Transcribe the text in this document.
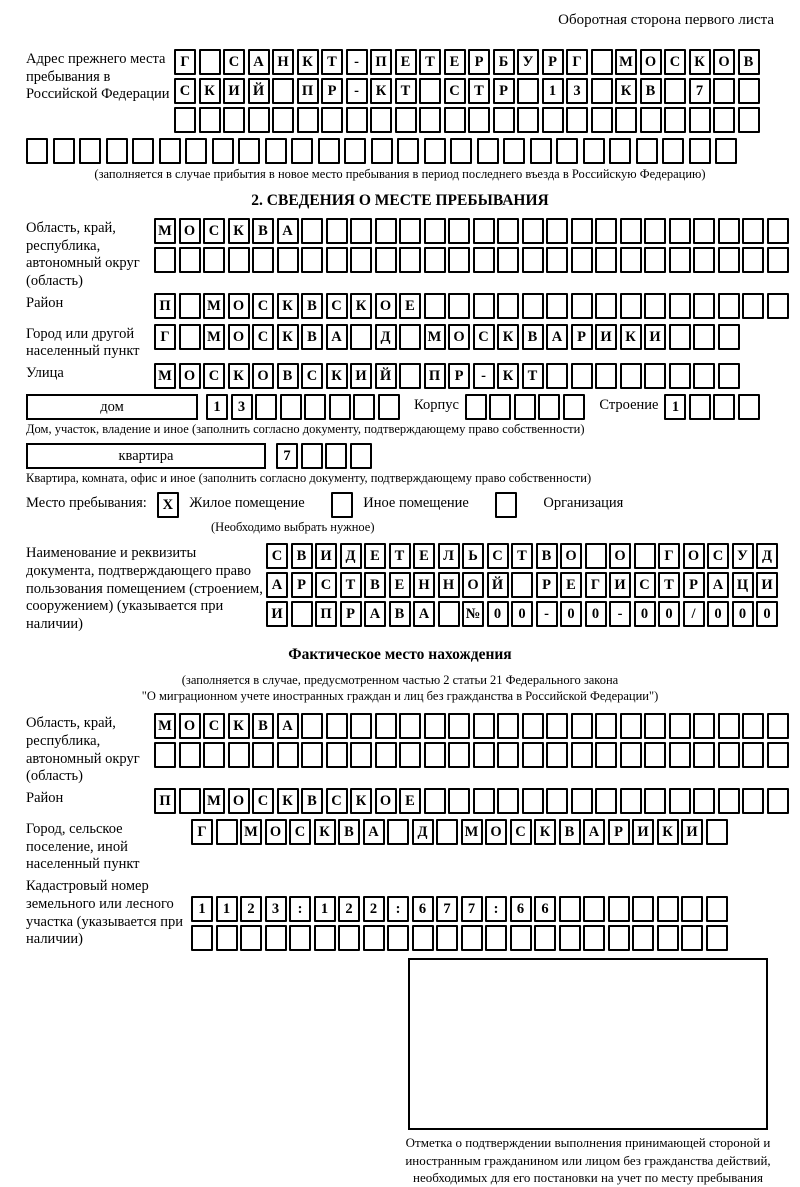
Оборотная сторона первого листа
Адрес прежнего места пребывания в Российской Федерации
Г	С А Н К Т	-	П Е	Т	Е	Р	Б У	Р	Г	М О С К О В
С К И Й	П Р	-	К Т	С Т	Р	1	3	К В	7
(заполняется в случае прибытия в новое место пребывания в период последнего въезда в Российскую Федерацию)
2. СВЕДЕНИЯ О МЕСТЕ ПРЕБЫВАНИЯ
Область, край, республика, автономный округ (область)
М О С К В А
Район	П	М О С К В С К О Е
Город или другой населенный пункт
Г	М О С К В А	Д	М О С К В А	Р И К И
Улица	М О С К О В С К И Й	П Р	-	К Т
дом	1	3	Корпус	Строение 1
Дом, участок, владение и иное (заполнить согласно документу, подтверждающему право собственности)
квартира	7
Квартира, комната, офис и иное (заполнить согласно документу, подтверждающему право собственности)
Место пребывания:	X	Жилое помещение	Иное помещение	Организация
(Необходимо выбрать нужное)
Наименование и реквизиты документа, подтверждающего право пользования помещением (строением, сооружением) (указывается при наличии)
С В И Д	Е	Т	Е Л Ь С Т	В О	О	Г О С У Д
А	Р	С Т	В	Е Н Н О Й	Р	Е	Г И С Т	Р	А Ц И
И	П Р	А В А	№ 0	0	-	0	0	-	0	0	/	0	0	0
Фактическое место нахождения
(заполняется в случае, предусмотренном частью 2 статьи 21 Федерального закона
"О миграционном учете иностранных граждан и лиц без гражданства в Российской Федерации")
Область, край, республика, автономный округ (область)
М О С К В А
Район	П	М О С К В С К О Е
Город, сельское поселение, иной населенный пункт
Г	М О С К В А	Д	М О С К В А	Р И К И
Кадастровый номер земельного или лесного участка (указывается при наличии)
1	1	2	3	:	1	2	2	:	6	7	7	:	6	6
Отметка о подтверждении выполнения принимающей стороной и иностранным гражданином или лицом без гражданства действий, необходимых для его постановки на учет по месту пребывания
